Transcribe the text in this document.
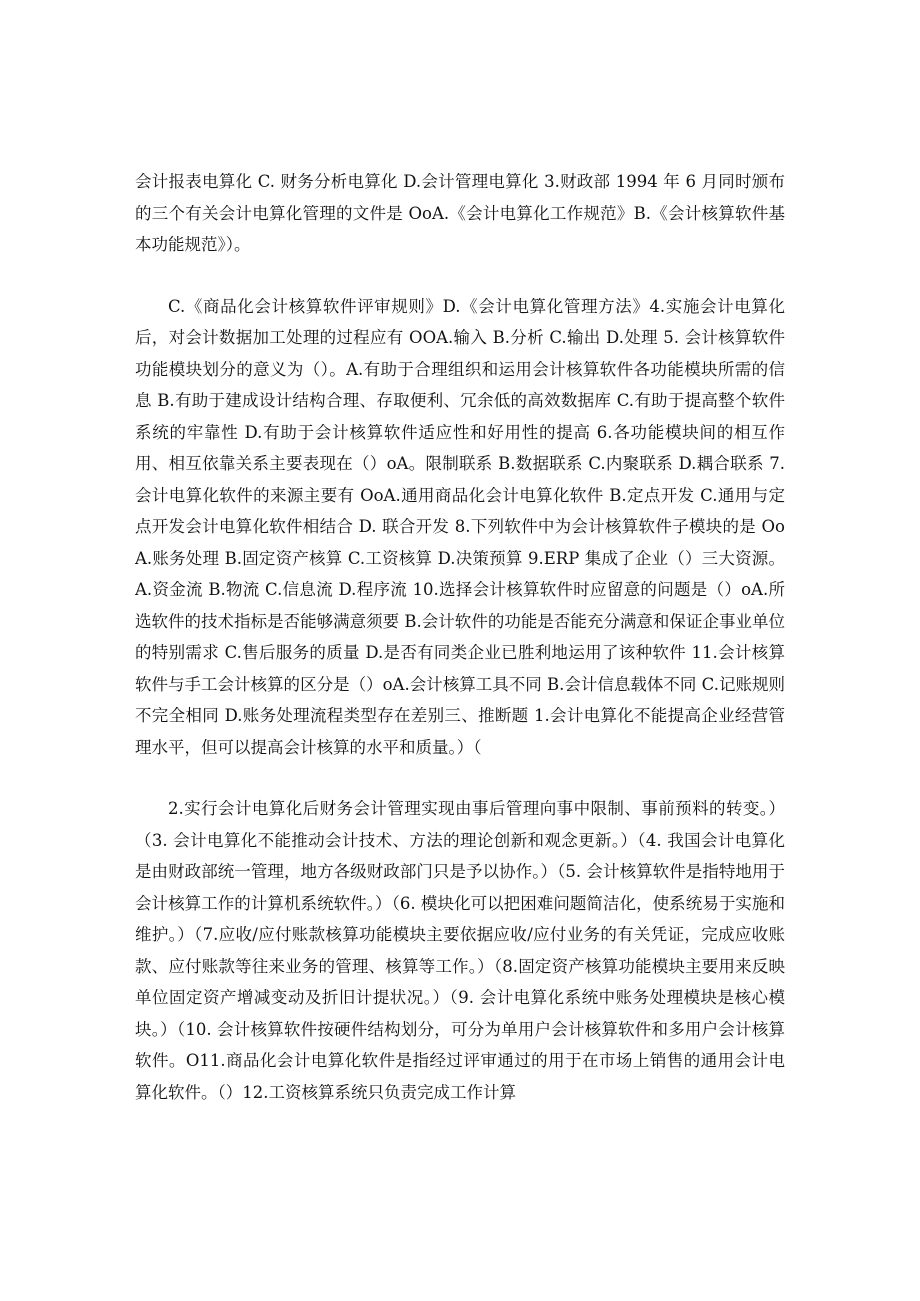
会计报表电算化 C. 财务分析电算化 D.会计管理电算化 3.财政部 1994 年 6 月同时颁布的三个有关会计电算化管理的文件是 OoA.《会计电算化工作规范》B.《会计核算软件基本功能规范》）。

C.《商品化会计核算软件评审规则》D.《会计电算化管理方法》4.实施会计电算化后，对会计数据加工处理的过程应有 OOA.输入 B.分析 C.输出 D.处理 5. 会计核算软件功能模块划分的意义为（）。A.有助于合理组织和运用会计核算软件各功能模块所需的信息 B.有助于建成设计结构合理、存取便利、冗余低的高效数据库 C.有助于提高整个软件系统的牢靠性 D.有助于会计核算软件适应性和好用性的提高 6.各功能模块间的相互作用、相互依靠关系主要表现在（）oA。限制联系 B.数据联系 C.内聚联系 D.耦合联系 7.会计电算化软件的来源主要有 OoA.通用商品化会计电算化软件 B.定点开发 C.通用与定点开发会计电算化软件相结合 D. 联合开发 8.下列软件中为会计核算软件子模块的是 OoA.账务处理 B.固定资产核算 C.工资核算 D.决策预算 9.ERP 集成了企业（）三大资源。A.资金流 B.物流 C.信息流 D.程序流 10.选择会计核算软件时应留意的问题是（）oA.所选软件的技术指标是否能够满意须要 B.会计软件的功能是否能充分满意和保证企事业单位的特别需求 C.售后服务的质量 D.是否有同类企业已胜利地运用了该种软件 11.会计核算软件与手工会计核算的区分是（）oA.会计核算工具不同 B.会计信息载体不同 C.记账规则不完全相同 D.账务处理流程类型存在差别三、推断题 1.会计电算化不能提高企业经营管理水平，但可以提高会计核算的水平和质量。）（

2.实行会计电算化后财务会计管理实现由事后管理向事中限制、事前预料的转变。）（3. 会计电算化不能推动会计技术、方法的理论创新和观念更新。）（4. 我国会计电算化是由财政部统一管理，地方各级财政部门只是予以协作。）（5. 会计核算软件是指特地用于会计核算工作的计算机系统软件。）（6. 模块化可以把困难问题简洁化，使系统易于实施和维护。）（7.应收/应付账款核算功能模块主要依据应收/应付业务的有关凭证，完成应收账款、应付账款等往来业务的管理、核算等工作。）（8.固定资产核算功能模块主要用来反映单位固定资产增减变动及折旧计提状况。）（9. 会计电算化系统中账务处理模块是核心模块。）（10. 会计核算软件按硬件结构划分，可分为单用户会计核算软件和多用户会计核算软件。O11.商品化会计电算化软件是指经过评审通过的用于在市场上销售的通用会计电算化软件。（）12.工资核算系统只负责完成工作计算
